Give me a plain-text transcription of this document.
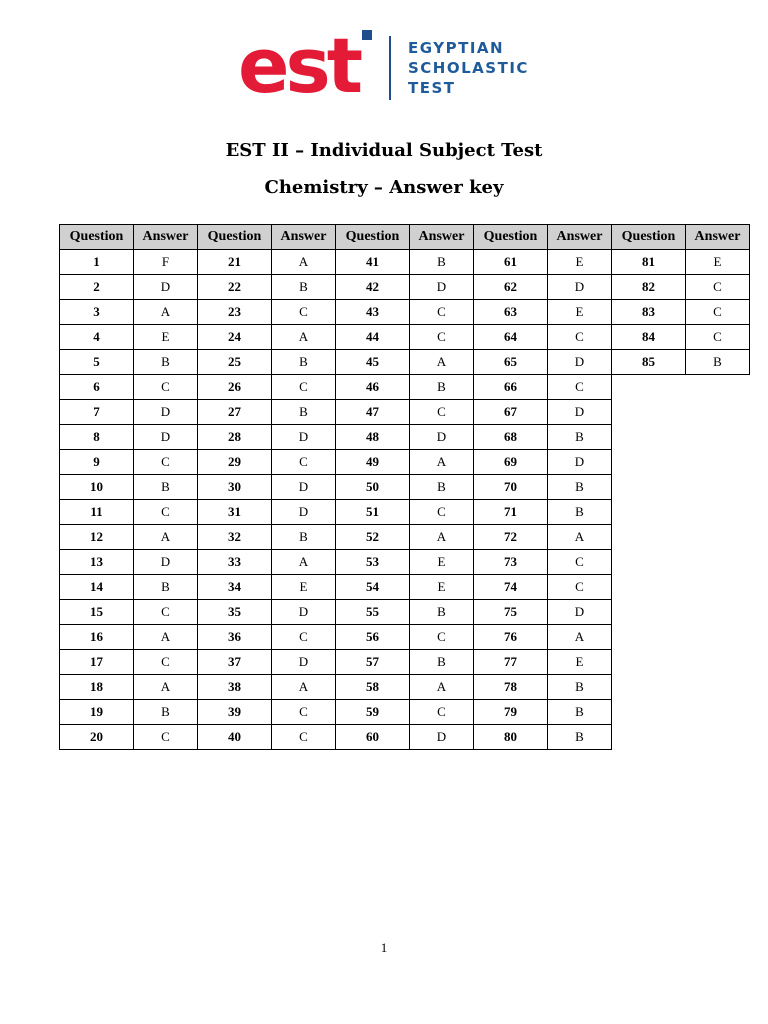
est	EGYPTIAN
SCHOLASTIC
TEST
EST II – Individual Subject Test
Chemistry – Answer key
Question	Answer	Question	Answer	Question	Answer	Question	Answer	Question	Answer
1	F	21	A	41	B	61	E	81	E
2	D	22	B	42	D	62	D	82	C
3	A	23	C	43	C	63	E	83	C
4	E	24	A	44	C	64	C	84	C
5	B	25	B	45	A	65	D	85	B
6	C	26	C	46	B	66	C		
7	D	27	B	47	C	67	D		
8	D	28	D	48	D	68	B		
9	C	29	C	49	A	69	D		
10	B	30	D	50	B	70	B		
11	C	31	D	51	C	71	B		
12	A	32	B	52	A	72	A		
13	D	33	A	53	E	73	C		
14	B	34	E	54	E	74	C		
15	C	35	D	55	B	75	D		
16	A	36	C	56	C	76	A		
17	C	37	D	57	B	77	E		
18	A	38	A	58	A	78	B		
19	B	39	C	59	C	79	B		
20	C	40	C	60	D	80	B		
1
